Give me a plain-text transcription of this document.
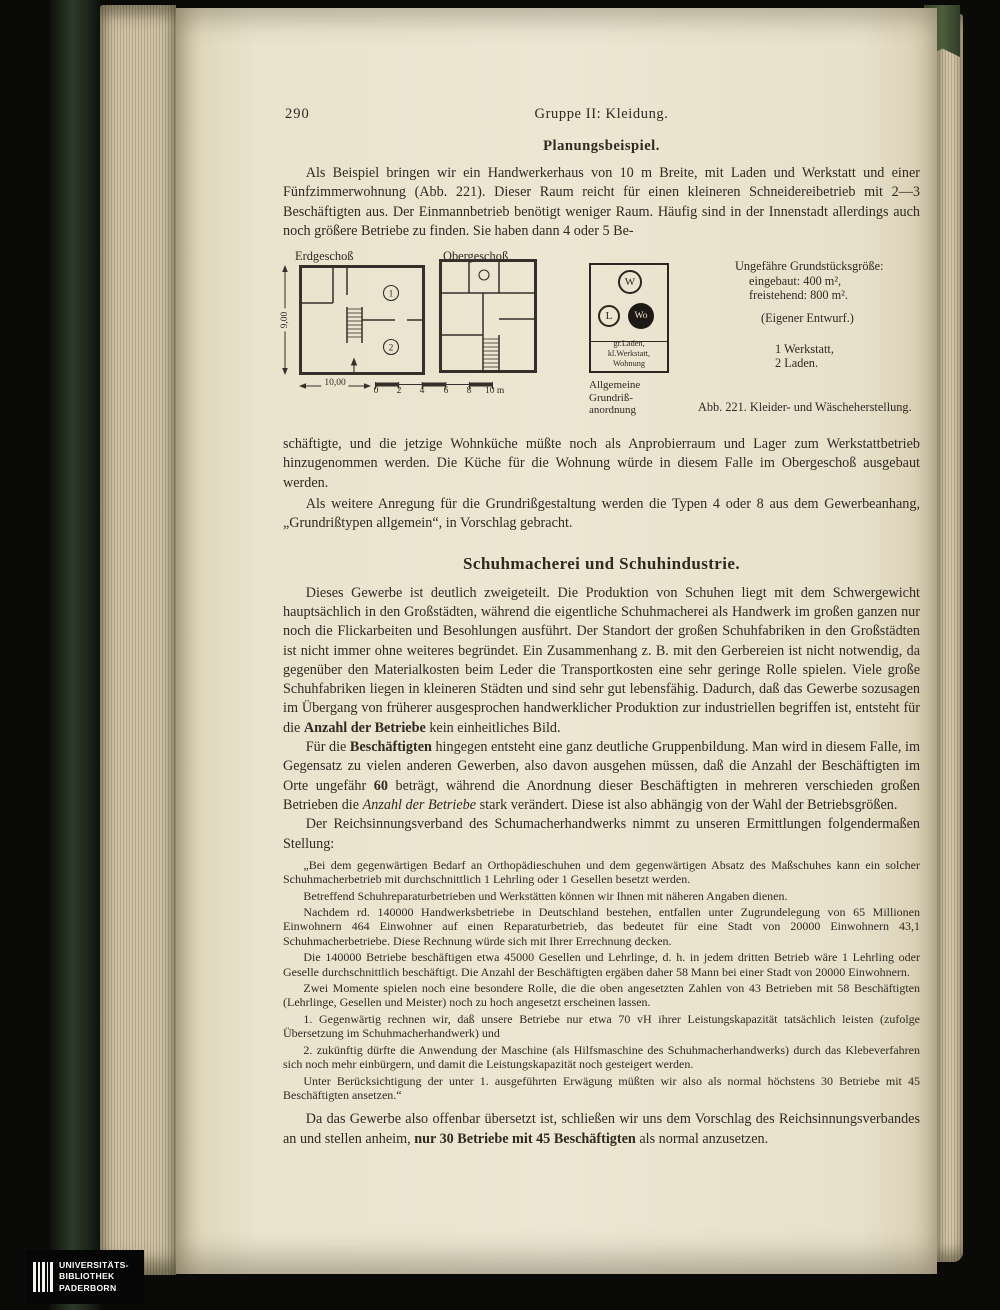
290	Gruppe II: Kleidung.
Planungsbeispiel.

Als Beispiel bringen wir ein Handwerkerhaus von 10 m Breite, mit Laden und Werkstatt und einer Fünfzimmerwohnung (Abb. 221). Dieser Raum reicht für einen kleineren Schneidereibetrieb mit 2—3 Beschäftigten aus. Der Einmannbetrieb benötigt weniger Raum. Häufig sind in der Innenstadt allerdings auch noch größere Betriebe zu finden. Sie haben dann 4 oder 5 Be-

Erdgeschoß	Obergeschoß
9,00
1
2
10,00
0 2 4 6 8 10 m
W
L	Wo
gr.Laden, kl.Werkstatt,
Wohnung
Allgemeine
Grundriß-
anordnung
Ungefähre Grundstücksgröße:
eingebaut: 400 m²,
freistehend: 800 m².
(Eigener Entwurf.)
1 Werkstatt,
2 Laden.
Abb. 221. Kleider- und Wäscheherstellung.

schäftigte, und die jetzige Wohnküche müßte noch als Anprobierraum und Lager zum Werkstattbetrieb hinzugenommen werden. Die Küche für die Wohnung würde in diesem Falle im Obergeschoß ausgebaut werden.

Als weitere Anregung für die Grundrißgestaltung werden die Typen 4 oder 8 aus dem Gewerbeanhang, „Grundrißtypen allgemein“, in Vorschlag gebracht.

Schuhmacherei und Schuhindustrie.

Dieses Gewerbe ist deutlich zweigeteilt. Die Produktion von Schuhen liegt mit dem Schwergewicht hauptsächlich in den Großstädten, während die eigentliche Schuhmacherei als Handwerk im großen ganzen nur noch die Flickarbeiten und Besohlungen ausführt. Der Standort der großen Schuhfabriken in den Großstädten ist nicht immer ohne weiteres begründet. Ein Zusammenhang z. B. mit den Gerbereien ist nicht notwendig, da gegenüber den Materialkosten beim Leder die Transportkosten eine sehr geringe Rolle spielen. Viele große Schuhfabriken liegen in kleineren Städten und sind sehr gut lebensfähig. Dadurch, daß das Gewerbe sozusagen im Übergang von früherer ausgesprochen handwerklicher Produktion zur industriellen begriffen ist, entsteht für die Anzahl der Betriebe kein einheitliches Bild.

Für die Beschäftigten hingegen entsteht eine ganz deutliche Gruppenbildung. Man wird in diesem Falle, im Gegensatz zu vielen anderen Gewerben, also davon ausgehen müssen, daß die Anzahl der Beschäftigten im Orte ungefähr 60 beträgt, während die Anordnung dieser Beschäftigten in mehreren verschieden großen Betrieben die Anzahl der Betriebe stark verändert. Diese ist also abhängig von der Wahl der Betriebsgrößen.

Der Reichsinnungsverband des Schumacherhandwerks nimmt zu unseren Ermittlungen folgendermaßen Stellung:

„Bei dem gegenwärtigen Bedarf an Orthopädieschuhen und dem gegenwärtigen Absatz des Maßschuhes kann ein solcher Schuhmacherbetrieb mit durchschnittlich 1 Lehrling oder 1 Gesellen besetzt werden.

Betreffend Schuhreparaturbetrieben und Werkstätten können wir Ihnen mit näheren Angaben dienen.

Nachdem rd. 140000 Handwerksbetriebe in Deutschland bestehen, entfallen unter Zugrundelegung von 65 Millionen Einwohnern 464 Einwohner auf einen Reparaturbetrieb, das bedeutet für eine Stadt von 20000 Einwohnern 43,1 Schuhmacherbetriebe. Diese Rechnung würde sich mit Ihrer Errechnung decken.

Die 140000 Betriebe beschäftigen etwa 45000 Gesellen und Lehrlinge, d. h. in jedem dritten Betrieb wäre 1 Lehrling oder Geselle durchschnittlich beschäftigt. Die Anzahl der Beschäftigten ergäben daher 58 Mann bei einer Stadt von 20000 Einwohnern.

Zwei Momente spielen noch eine besondere Rolle, die die oben angesetzten Zahlen von 43 Betrieben mit 58 Beschäftigten (Lehrlinge, Gesellen und Meister) noch zu hoch angesetzt erscheinen lassen.

1. Gegenwärtig rechnen wir, daß unsere Betriebe nur etwa 70 vH ihrer Leistungskapazität tatsächlich leisten (zufolge Übersetzung im Schuhmacherhandwerk) und

2. zukünftig dürfte die Anwendung der Maschine (als Hilfsmaschine des Schuhmacherhandwerks) durch das Klebeverfahren sich noch mehr einbürgern, und damit die Leistungskapazität noch gesteigert werden.

Unter Berücksichtigung der unter 1. ausgeführten Erwägung müßten wir also als normal höchstens 30 Betriebe mit 45 Beschäftigten ansetzen.“

Da das Gewerbe also offenbar übersetzt ist, schließen wir uns dem Vorschlag des Reichsinnungsverbandes an und stellen anheim, nur 30 Betriebe mit 45 Beschäftigten als normal anzusetzen.

UNIVERSITÄTS-
BIBLIOTHEK
PADERBORN
